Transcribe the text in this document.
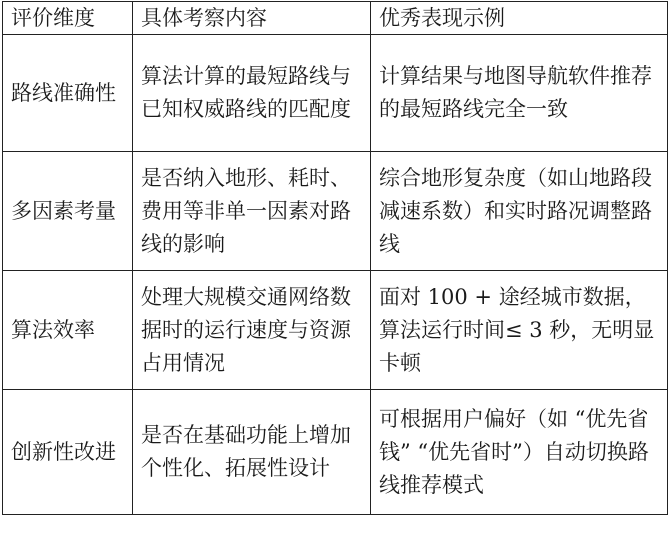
评价维度	具体考察内容	优秀表现示例

路线准确性	算法计算的最短路线与已知权威路线的匹配度	计算结果与地图导航软件推荐的最短路线完全一致

多因素考量	是否纳入地形、耗时、费用等非单一因素对路线的影响	综合地形复杂度（如山地路段减速系数）和实时路况调整路线

算法效率	处理大规模交通网络数据时的运行速度与资源占用情况	面对 100 + 途经城市数据，算法运行时间≤ 3 秒，无明显卡顿

创新性改进	是否在基础功能上增加个性化、拓展性设计	可根据用户偏好（如 “优先省钱” “优先省时”）自动切换路线推荐模式
